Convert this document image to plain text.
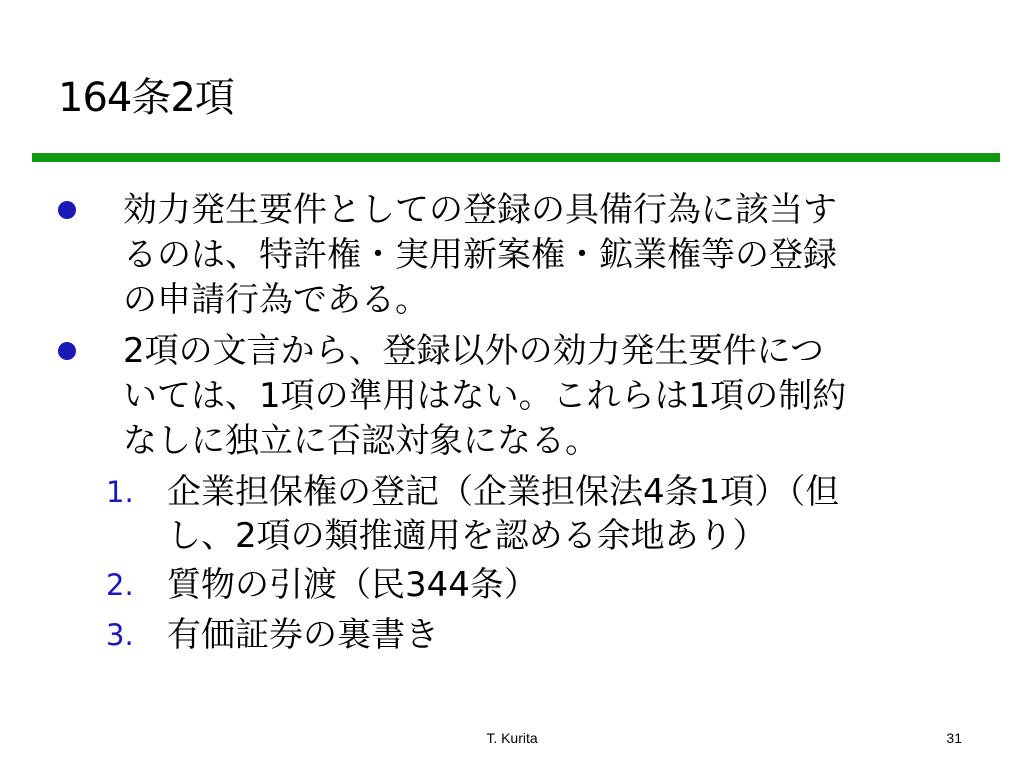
164条2項
効力発生要件としての登録の具備行為に該当す
るのは、特許権・実用新案権・鉱業権等の登録
の申請行為である。
2項の文言から、登録以外の効力発生要件につ
いては、1項の準用はない。これらは1項の制約
なしに独立に否認対象になる。
1. 企業担保権の登記（企業担保法4条1項）（但
し、2項の類推適用を認める余地あり）
2. 質物の引渡（民344条）
3. 有価証券の裏書き
T. Kurita	31
